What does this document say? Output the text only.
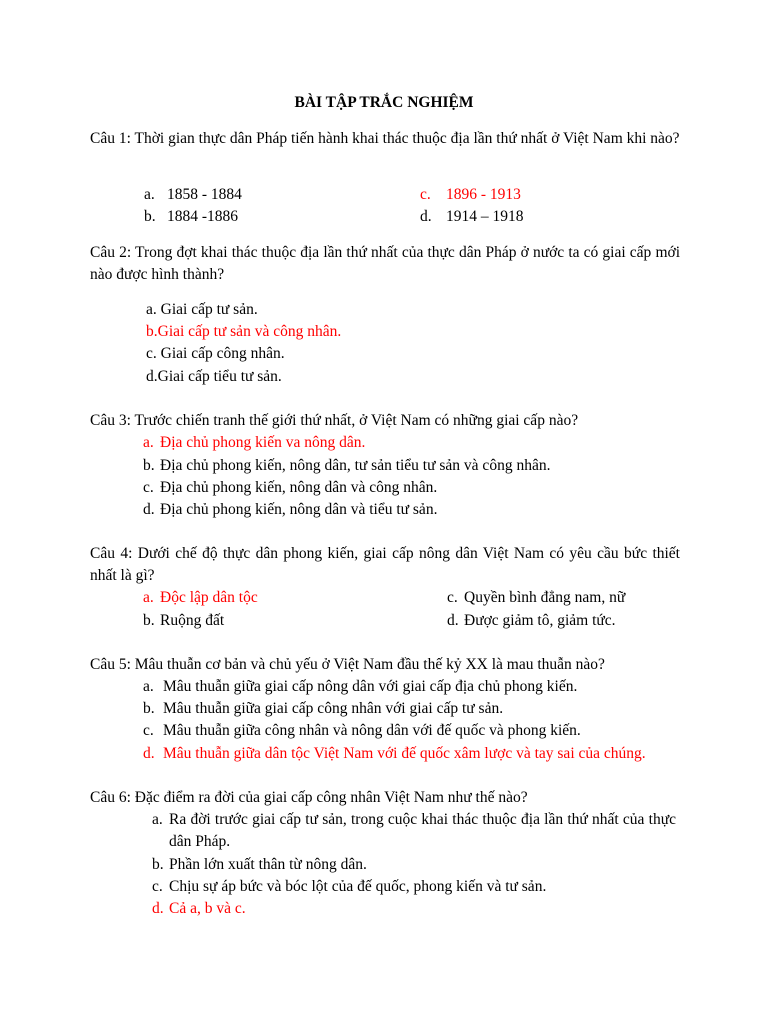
BÀI TẬP TRẮC NGHIỆM
Câu 1: Thời gian thực dân Pháp tiến hành khai thác thuộc địa lần thứ nhất ở Việt Nam khi nào?
a. 1858 - 1884
b. 1884 -1886
c. 1896 - 1913
d. 1914 – 1918
Câu 2: Trong đợt khai thác thuộc địa lần thứ nhất của thực dân Pháp ở nước ta có giai cấp mới nào được hình thành?
a. Giai cấp tư sản.
b.Giai cấp tư sản và công nhân.
c. Giai cấp công nhân.
d.Giai cấp tiểu tư sản.
Câu 3: Trước chiến tranh thế giới thứ nhất, ở Việt Nam có những giai cấp nào?
a. Địa chủ phong kiến va nông dân.
b. Địa chủ phong kiến, nông dân, tư sản tiểu tư sản và công nhân.
c. Địa chủ phong kiến, nông dân và công nhân.
d. Địa chủ phong kiến, nông dân và tiểu tư sản.
Câu 4: Dưới chế độ thực dân phong kiến, giai cấp nông dân Việt Nam có yêu cầu bức thiết nhất là gì?
a. Độc lập dân tộc
b. Ruộng đất
c. Quyền bình đẳng nam, nữ
d. Được giảm tô, giảm tức.
Câu 5: Mâu thuẫn cơ bản và chủ yếu ở Việt Nam đầu thế kỷ XX là mau thuẫn nào?
a. Mâu thuẫn giữa giai cấp nông dân với giai cấp địa chủ phong kiến.
b. Mâu thuẫn giữa giai cấp công nhân với giai cấp tư sản.
c. Mâu thuẫn giữa công nhân và nông dân với đế quốc và phong kiến.
d. Mâu thuẫn giữa dân tộc Việt Nam với đế quốc xâm lược và tay sai của chúng.
Câu 6: Đặc điểm ra đời của giai cấp công nhân Việt Nam như thế nào?
a. Ra đời trước giai cấp tư sản, trong cuộc khai thác thuộc địa lần thứ nhất của thực dân Pháp.
b. Phần lớn xuất thân từ nông dân.
c. Chịu sự áp bức và bóc lột của đế quốc, phong kiến và tư sản.
d. Cả a, b và c.
